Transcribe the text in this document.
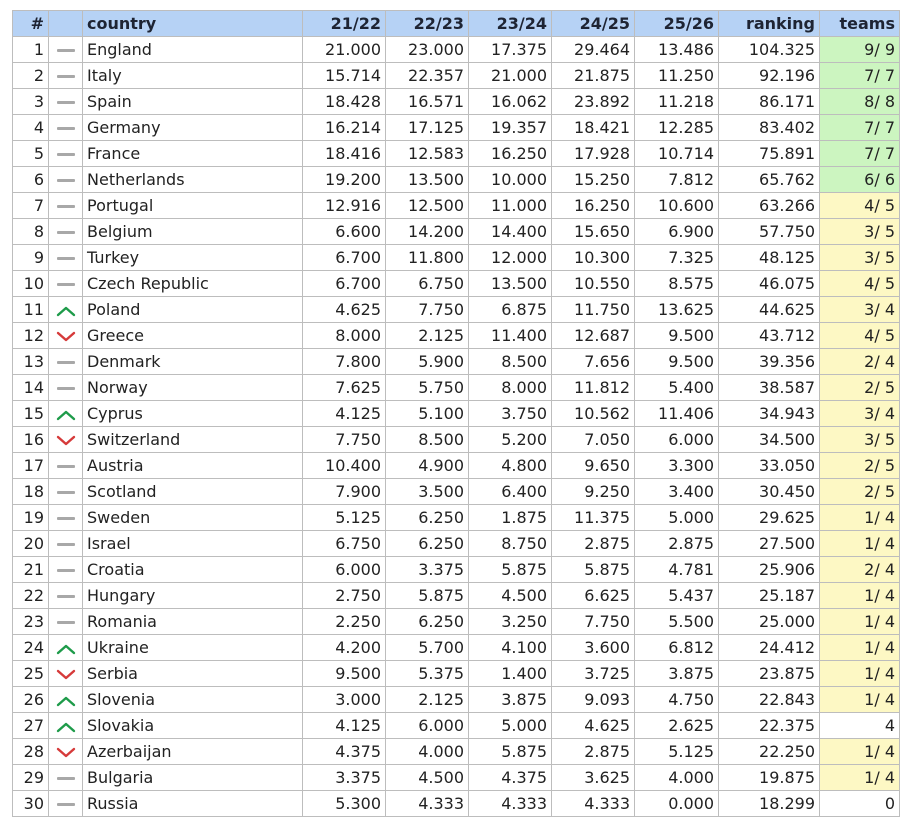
#		country	21/22	22/23	23/24	24/25	25/26	ranking	teams
1		England	21.000	23.000	17.375	29.464	13.486	104.325	9/ 9
2		Italy	15.714	22.357	21.000	21.875	11.250	92.196	7/ 7
3		Spain	18.428	16.571	16.062	23.892	11.218	86.171	8/ 8
4		Germany	16.214	17.125	19.357	18.421	12.285	83.402	7/ 7
5		France	18.416	12.583	16.250	17.928	10.714	75.891	7/ 7
6		Netherlands	19.200	13.500	10.000	15.250	7.812	65.762	6/ 6
7		Portugal	12.916	12.500	11.000	16.250	10.600	63.266	4/ 5
8		Belgium	6.600	14.200	14.400	15.650	6.900	57.750	3/ 5
9		Turkey	6.700	11.800	12.000	10.300	7.325	48.125	3/ 5
10		Czech Republic	6.700	6.750	13.500	10.550	8.575	46.075	4/ 5
11		Poland	4.625	7.750	6.875	11.750	13.625	44.625	3/ 4
12		Greece	8.000	2.125	11.400	12.687	9.500	43.712	4/ 5
13		Denmark	7.800	5.900	8.500	7.656	9.500	39.356	2/ 4
14		Norway	7.625	5.750	8.000	11.812	5.400	38.587	2/ 5
15		Cyprus	4.125	5.100	3.750	10.562	11.406	34.943	3/ 4
16		Switzerland	7.750	8.500	5.200	7.050	6.000	34.500	3/ 5
17		Austria	10.400	4.900	4.800	9.650	3.300	33.050	2/ 5
18		Scotland	7.900	3.500	6.400	9.250	3.400	30.450	2/ 5
19		Sweden	5.125	6.250	1.875	11.375	5.000	29.625	1/ 4
20		Israel	6.750	6.250	8.750	2.875	2.875	27.500	1/ 4
21		Croatia	6.000	3.375	5.875	5.875	4.781	25.906	2/ 4
22		Hungary	2.750	5.875	4.500	6.625	5.437	25.187	1/ 4
23		Romania	2.250	6.250	3.250	7.750	5.500	25.000	1/ 4
24		Ukraine	4.200	5.700	4.100	3.600	6.812	24.412	1/ 4
25		Serbia	9.500	5.375	1.400	3.725	3.875	23.875	1/ 4
26		Slovenia	3.000	2.125	3.875	9.093	4.750	22.843	1/ 4
27		Slovakia	4.125	6.000	5.000	4.625	2.625	22.375	4
28		Azerbaijan	4.375	4.000	5.875	2.875	5.125	22.250	1/ 4
29		Bulgaria	3.375	4.500	4.375	3.625	4.000	19.875	1/ 4
30		Russia	5.300	4.333	4.333	4.333	0.000	18.299	0
